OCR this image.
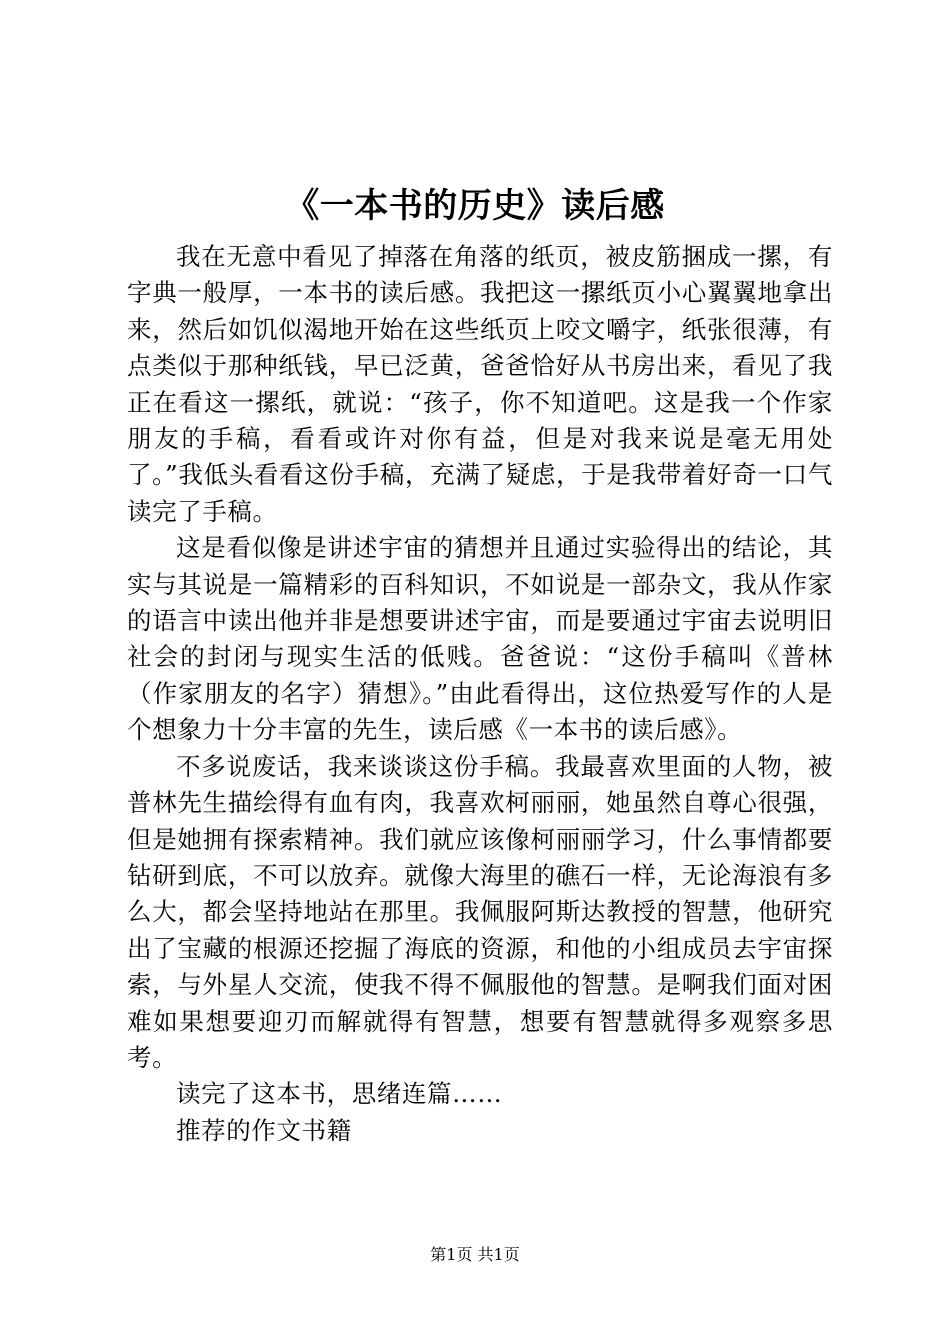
《一本书的历史》读后感

我在无意中看见了掉落在角落的纸页，被皮筋捆成一摞，有字典一般厚，一本书的读后感。我把这一摞纸页小心翼翼地拿出来，然后如饥似渴地开始在这些纸页上咬文嚼字，纸张很薄，有点类似于那种纸钱，早已泛黄，爸爸恰好从书房出来，看见了我正在看这一摞纸，就说：“孩子，你不知道吧。这是我一个作家朋友的手稿，看看或许对你有益，但是对我来说是毫无用处了。”我低头看看这份手稿，充满了疑虑，于是我带着好奇一口气读完了手稿。

这是看似像是讲述宇宙的猜想并且通过实验得出的结论，其实与其说是一篇精彩的百科知识，不如说是一部杂文，我从作家的语言中读出他并非是想要讲述宇宙，而是要通过宇宙去说明旧社会的封闭与现实生活的低贱。爸爸说：“这份手稿叫《普林（作家朋友的名字）猜想》。”由此看得出，这位热爱写作的人是个想象力十分丰富的先生，读后感《一本书的读后感》。

不多说废话，我来谈谈这份手稿。我最喜欢里面的人物，被普林先生描绘得有血有肉，我喜欢柯丽丽，她虽然自尊心很强，但是她拥有探索精神。我们就应该像柯丽丽学习，什么事情都要钻研到底，不可以放弃。就像大海里的礁石一样，无论海浪有多么大，都会坚持地站在那里。我佩服阿斯达教授的智慧，他研究出了宝藏的根源还挖掘了海底的资源，和他的小组成员去宇宙探索，与外星人交流，使我不得不佩服他的智慧。是啊我们面对困难如果想要迎刃而解就得有智慧，想要有智慧就得多观察多思考。

读完了这本书，思绪连篇……

推荐的作文书籍

第1页 共1页
